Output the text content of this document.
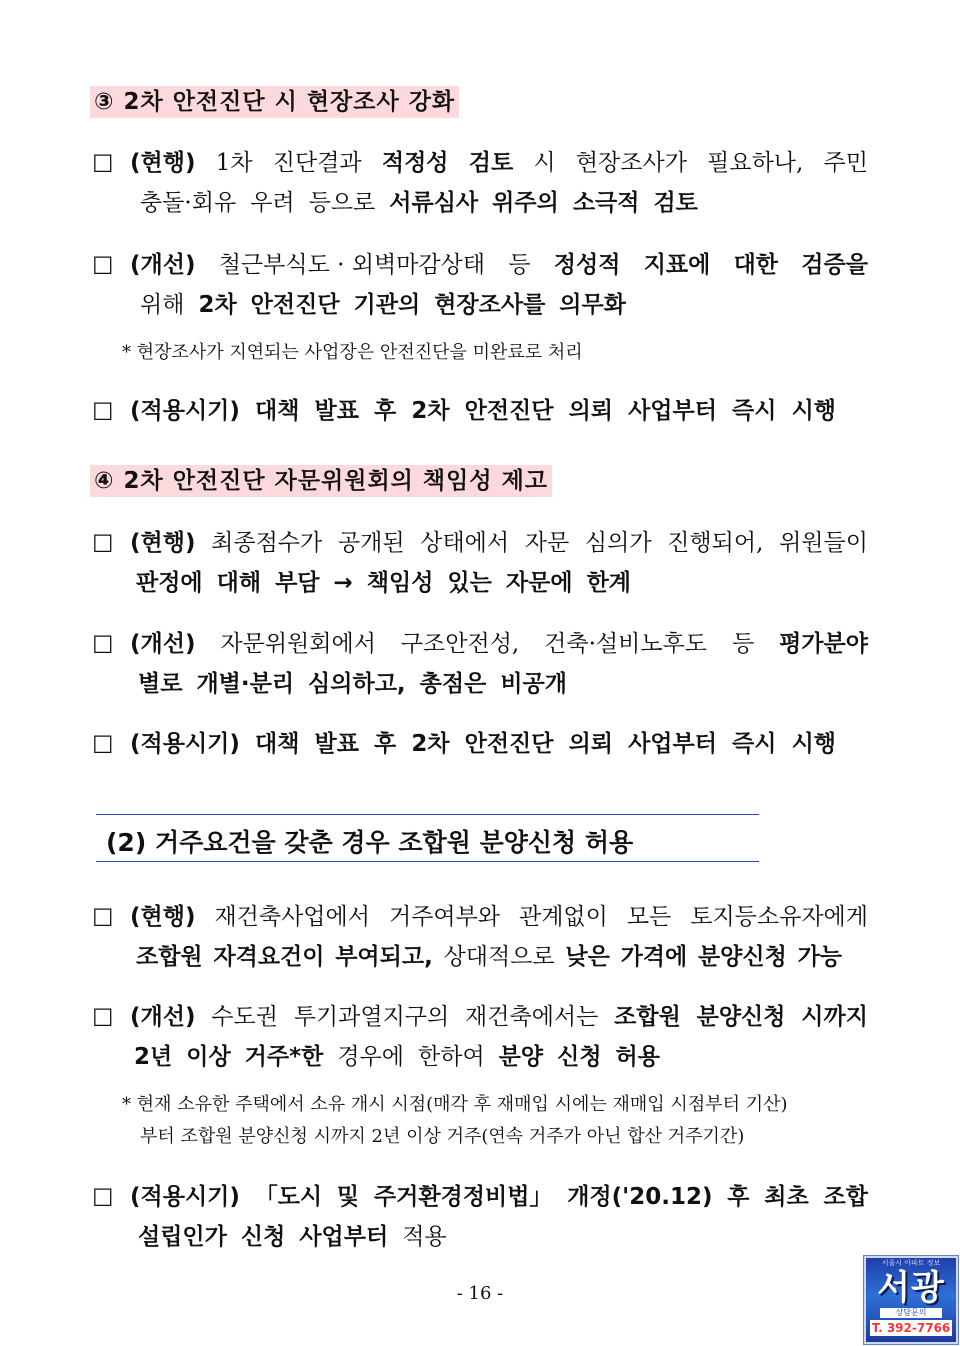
③ 2차 안전진단 시 현장조사 강화
☐ (현행) 1차 진단결과 적정성 검토 시 현장조사가 필요하나, 주민
충돌·회유 우려 등으로 서류심사 위주의 소극적 검토
☐ (개선) 철근부식도 · 외벽마감상태 등 정성적 지표에 대한 검증을
위해 2차 안전진단 기관의 현장조사를 의무화
* 현장조사가 지연되는 사업장은 안전진단을 미완료로 처리
☐ (적용시기) 대책 발표 후 2차 안전진단 의뢰 사업부터 즉시 시행
④ 2차 안전진단 자문위원회의 책임성 제고
☐ (현행) 최종점수가 공개된 상태에서 자문 심의가 진행되어, 위원들이
판정에 대해 부담 → 책임성 있는 자문에 한계
☐ (개선) 자문위원회에서 구조안전성, 건축·설비노후도 등 평가분야
별로 개별·분리 심의하고, 총점은 비공개
☐ (적용시기) 대책 발표 후 2차 안전진단 의뢰 사업부터 즉시 시행
(2) 거주요건을 갖춘 경우 조합원 분양신청 허용
☐ (현행) 재건축사업에서 거주여부와 관계없이 모든 토지등소유자에게
조합원 자격요건이 부여되고, 상대적으로 낮은 가격에 분양신청 가능
☐ (개선) 수도권 투기과열지구의 재건축에서는 조합원 분양신청 시까지
2년 이상 거주*한 경우에 한하여 분양 신청 허용
* 현재 소유한 주택에서 소유 개시 시점(매각 후 재매입 시에는 재매입 시점부터 기산)
부터 조합원 분양신청 시까지 2년 이상 거주(연속 거주가 아닌 합산 거주기간)
☐ (적용시기) 「도시 및 주거환경정비법」 개정('20.12) 후 최초 조합
설립인가 신청 사업부터 적용
- 16 -
서울시 아파트 정보
서광
상담문의
T. 392-7766
